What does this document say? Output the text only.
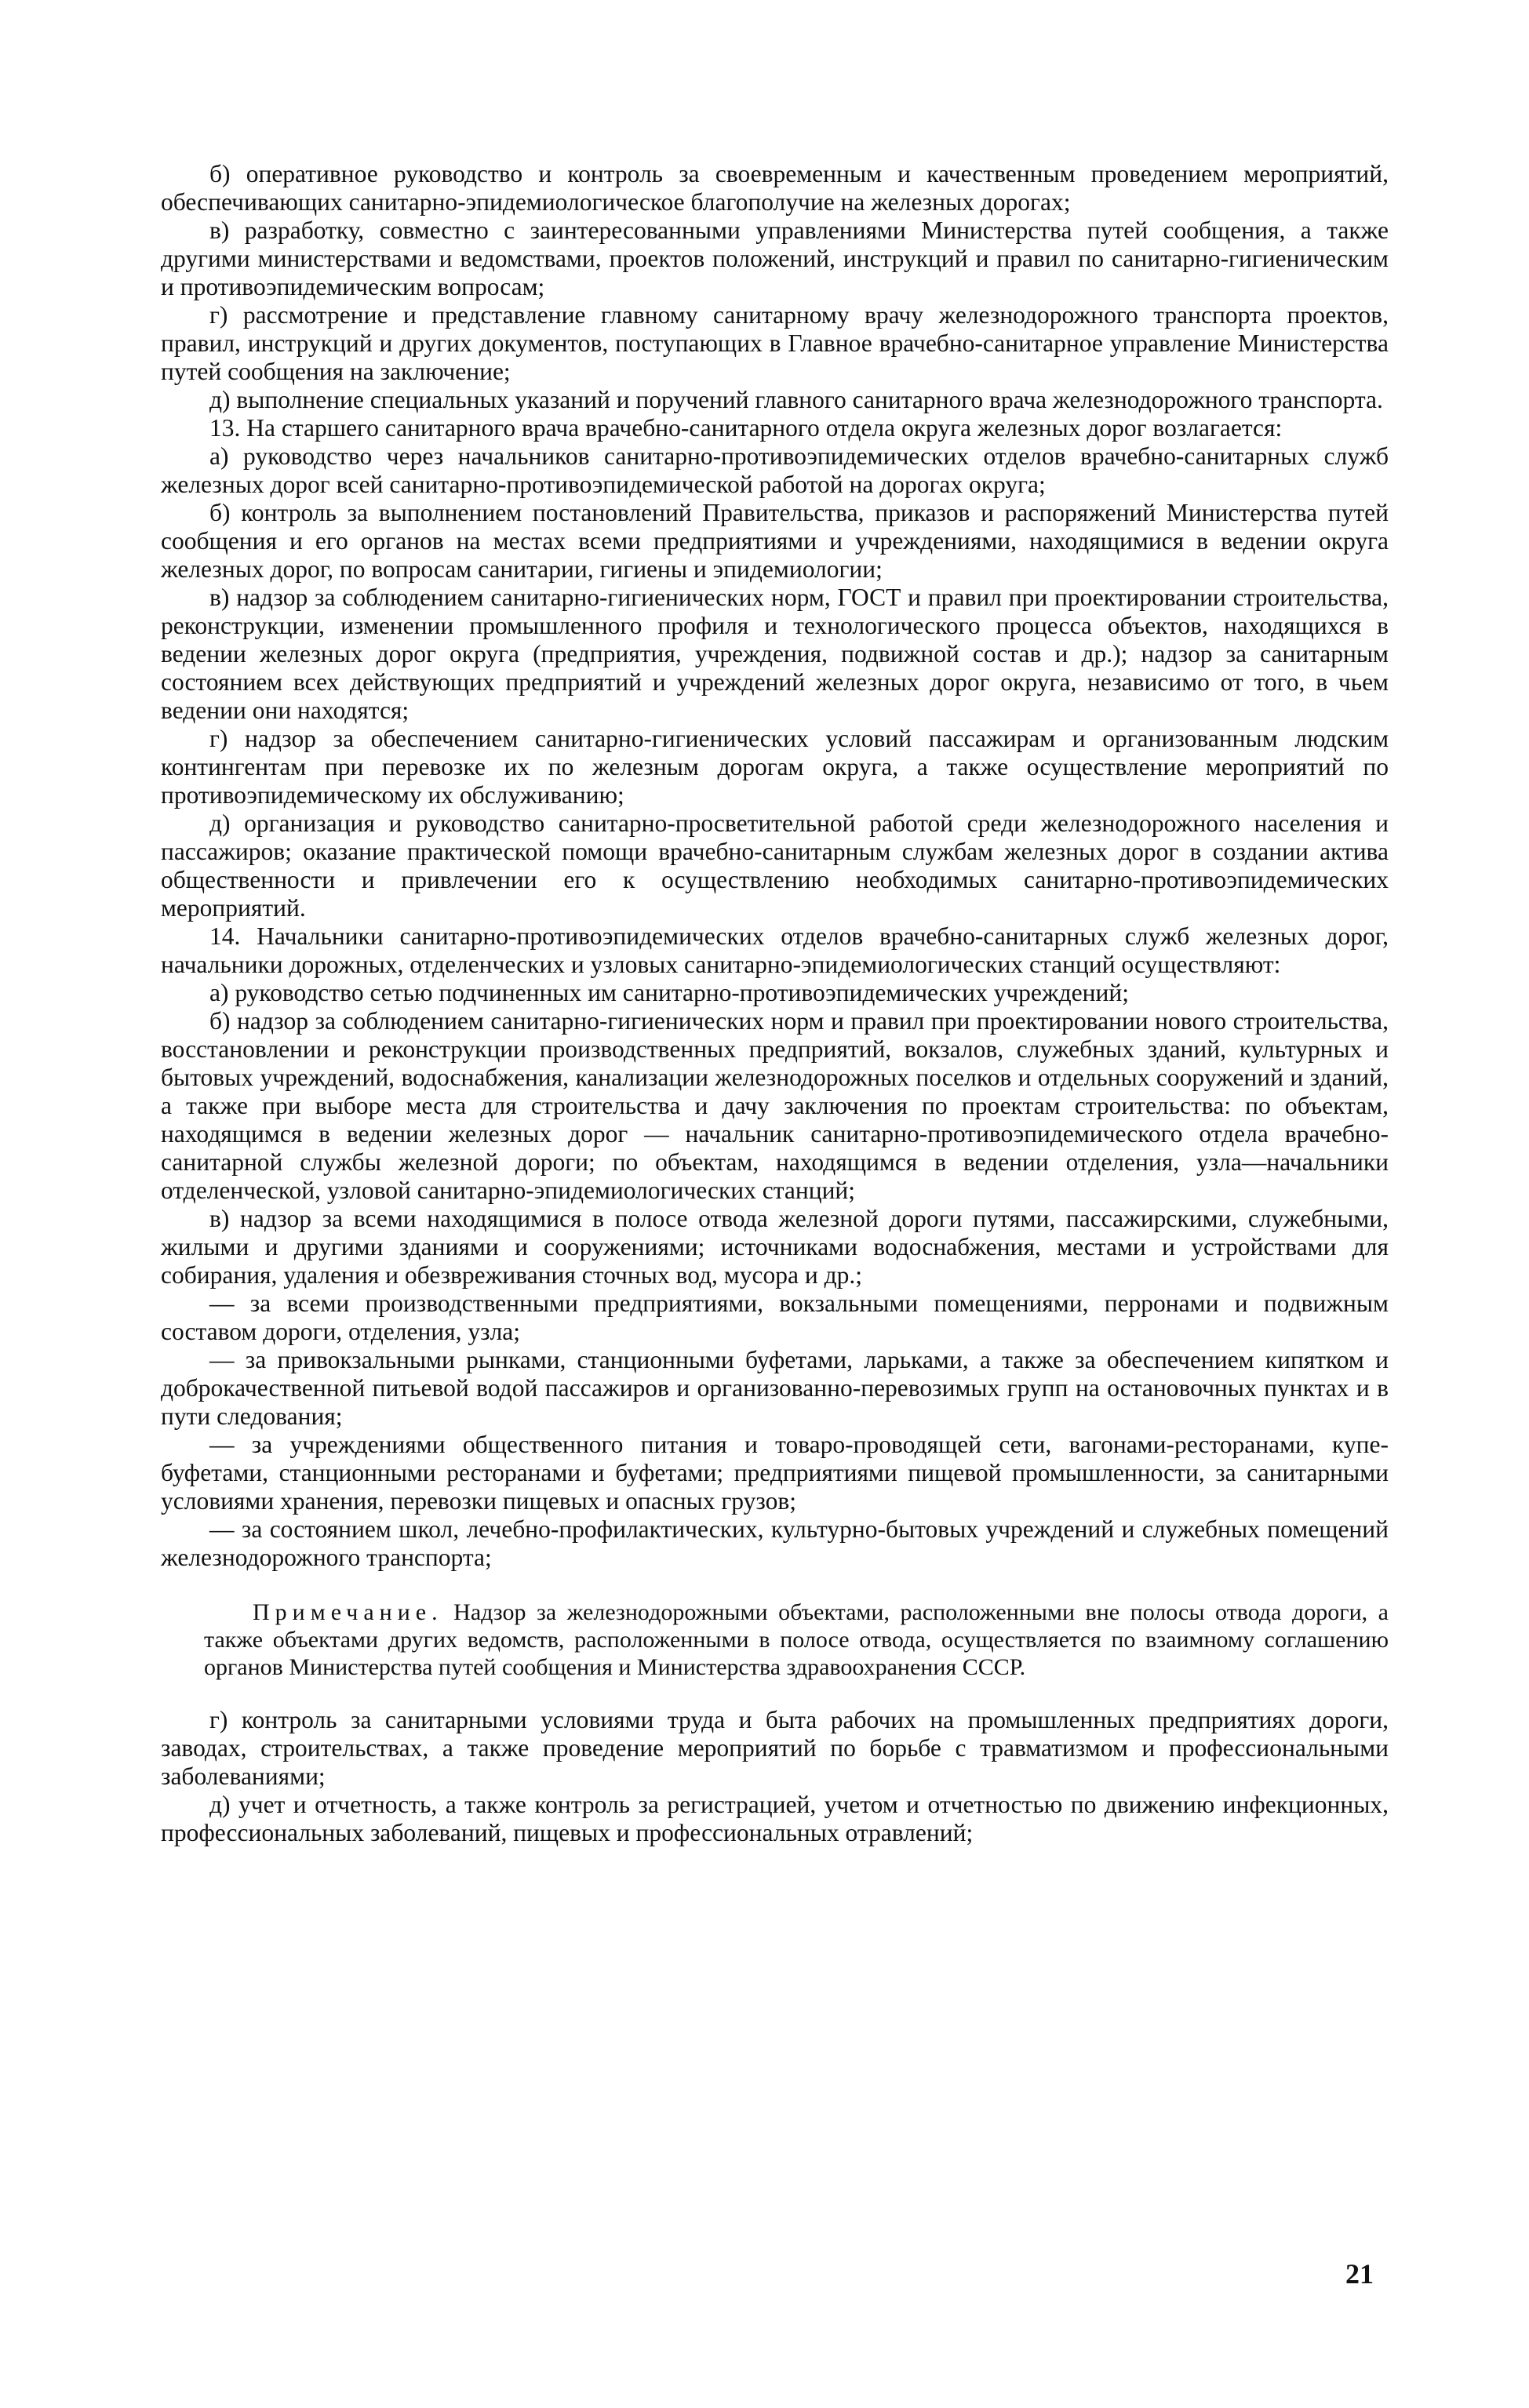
б) оперативное руководство и контроль за своевременным и качественным проведением мероприятий, обеспечивающих санитарно-эпидемиологическое благополучие на железных дорогах;

в) разработку, совместно с заинтересованными управлениями Министерства путей сообщения, а также другими министерствами и ведомствами, проектов положений, инструкций и правил по санитарно-гигиеническим и противоэпидемическим вопросам;

г) рассмотрение и представление главному санитарному врачу железнодорожного транспорта проектов, правил, инструкций и других документов, поступающих в Главное врачебно-санитарное управление Министерства путей сообщения на заключение;

д) выполнение специальных указаний и поручений главного санитарного врача железнодорожного транспорта.

13. На старшего санитарного врача врачебно-санитарного отдела округа железных дорог возлагается:

а) руководство через начальников санитарно-противоэпидемических отделов врачебно-санитарных служб железных дорог всей санитарно-противоэпидемической работой на дорогах округа;

б) контроль за выполнением постановлений Правительства, приказов и распоряжений Министерства путей сообщения и его органов на местах всеми предприятиями и учреждениями, находящимися в ведении округа железных дорог, по вопросам санитарии, гигиены и эпидемиологии;

в) надзор за соблюдением санитарно-гигиенических норм, ГОСТ и правил при проектировании строительства, реконструкции, изменении промышленного профиля и технологического процесса объектов, находящихся в ведении железных дорог округа (предприятия, учреждения, подвижной состав и др.); надзор за санитарным состоянием всех действующих предприятий и учреждений железных дорог округа, независимо от того, в чьем ведении они находятся;

г) надзор за обеспечением санитарно-гигиенических условий пассажирам и организованным людским контингентам при перевозке их по железным дорогам округа, а также осуществление мероприятий по противоэпидемическому их обслуживанию;

д) организация и руководство санитарно-просветительной работой среди железнодорожного населения и пассажиров; оказание практической помощи врачебно-санитарным службам железных дорог в создании актива общественности и привлечении его к осуществлению необходимых санитарно-противоэпидемических мероприятий.

14. Начальники санитарно-противоэпидемических отделов врачебно-санитарных служб железных дорог, начальники дорожных, отделенческих и узловых санитарно-эпидемиологических станций осуществляют:

а) руководство сетью подчиненных им санитарно-противоэпидемических учреждений;

б) надзор за соблюдением санитарно-гигиенических норм и правил при проектировании нового строительства, восстановлении и реконструкции производственных предприятий, вокзалов, служебных зданий, культурных и бытовых учреждений, водоснабжения, канализации железнодорожных поселков и отдельных сооружений и зданий, а также при выборе места для строительства и дачу заключения по проектам строительства: по объектам, находящимся в ведении железных дорог — начальник санитарно-противоэпидемического отдела врачебно-санитарной службы железной дороги; по объектам, находящимся в ведении отделения, узла—начальники отделенческой, узловой санитарно-эпидемиологических станций;

в) надзор за всеми находящимися в полосе отвода железной дороги путями, пассажирскими, служебными, жилыми и другими зданиями и сооружениями; источниками водоснабжения, местами и устройствами для собирания, удаления и обезвреживания сточных вод, мусора и др.;

— за всеми производственными предприятиями, вокзальными помещениями, перронами и подвижным составом дороги, отделения, узла;

— за привокзальными рынками, станционными буфетами, ларьками, а также за обеспечением кипятком и доброкачественной питьевой водой пассажиров и организованно-перевозимых групп на остановочных пунктах и в пути следования;

— за учреждениями общественного питания и товаро-проводящей сети, вагонами-ресторанами, купе-буфетами, станционными ресторанами и буфетами; предприятиями пищевой промышленности, за санитарными условиями хранения, перевозки пищевых и опасных грузов;

— за состоянием школ, лечебно-профилактических, культурно-бытовых учреждений и служебных помещений железнодорожного транспорта;

Примечание. Надзор за железнодорожными объектами, расположенными вне полосы отвода дороги, а также объектами других ведомств, расположенными в полосе отвода, осуществляется по взаимному соглашению органов Министерства путей сообщения и Министерства здравоохранения СССР.

г) контроль за санитарными условиями труда и быта рабочих на промышленных предприятиях дороги, заводах, строительствах, а также проведение мероприятий по борьбе с травматизмом и профессиональными заболеваниями;

д) учет и отчетность, а также контроль за регистрацией, учетом и отчетностью по движению инфекционных, профессиональных заболеваний, пищевых и профессиональных отравлений;

21
